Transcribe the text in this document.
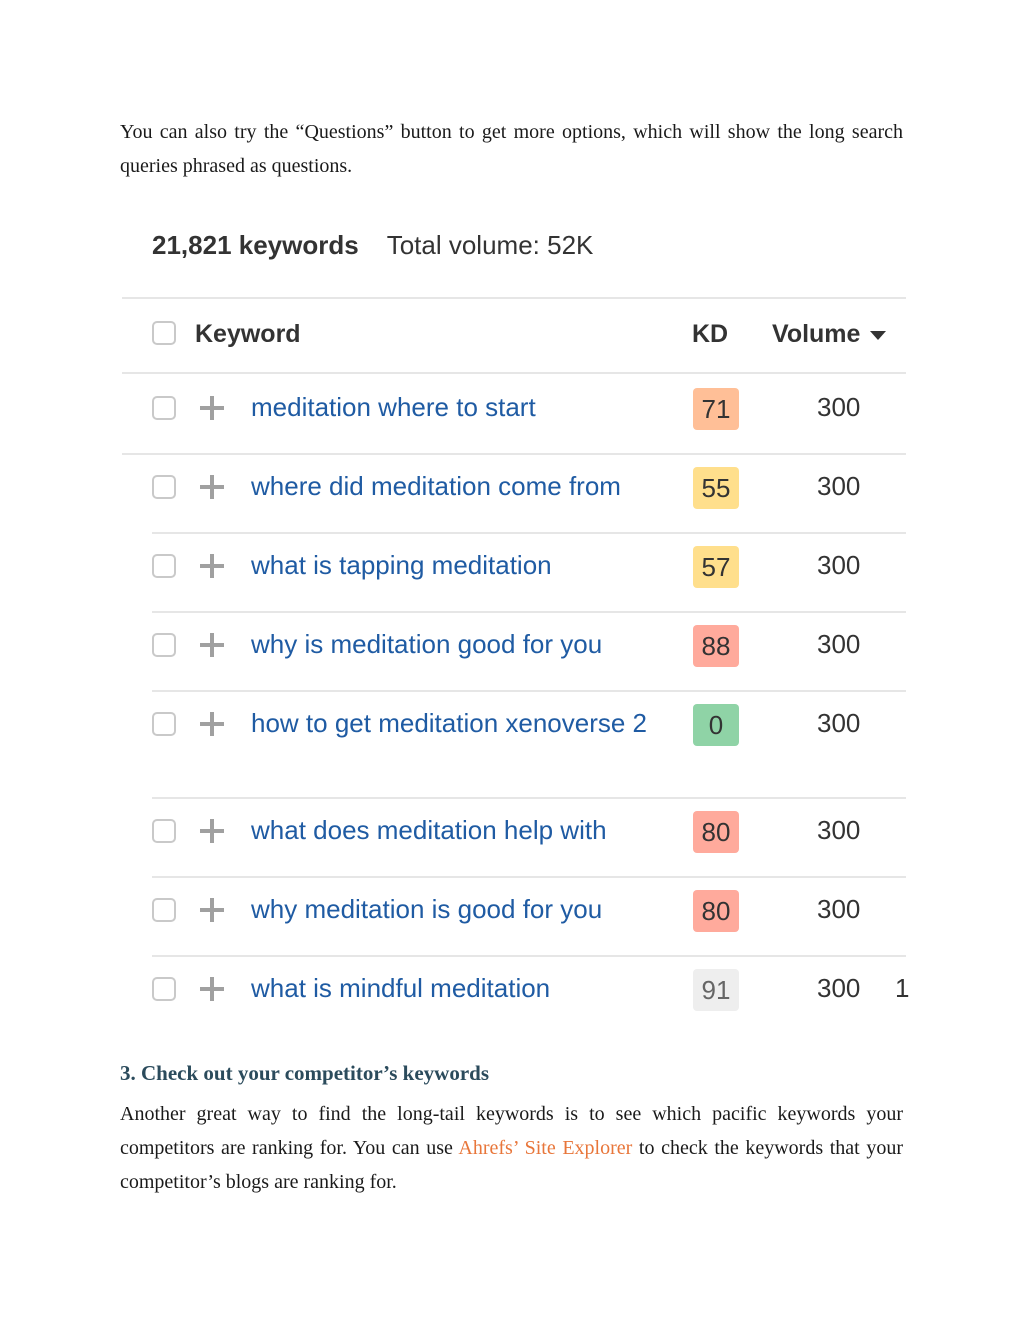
You can also try the “Questions” button to get more options, which will show the long search queries phrased as questions.

21,821 keywords Total volume: 52K
Keyword	KD Volume
meditation where to start	71	300
where did meditation come from	55	300
what is tapping meditation	57	300
why is meditation good for you	88	300
how to get meditation xenoverse 2	0	300
what does meditation help with	80	300
why meditation is good for you	80	300
what is mindful meditation	91	300 1
3. Check out your competitor’s keywords

Another great way to find the long-tail keywords is to see which pacific keywords your competitors are ranking for. You can use Ahrefs’ Site Explorer to check the keywords that your competitor’s blogs are ranking for.
